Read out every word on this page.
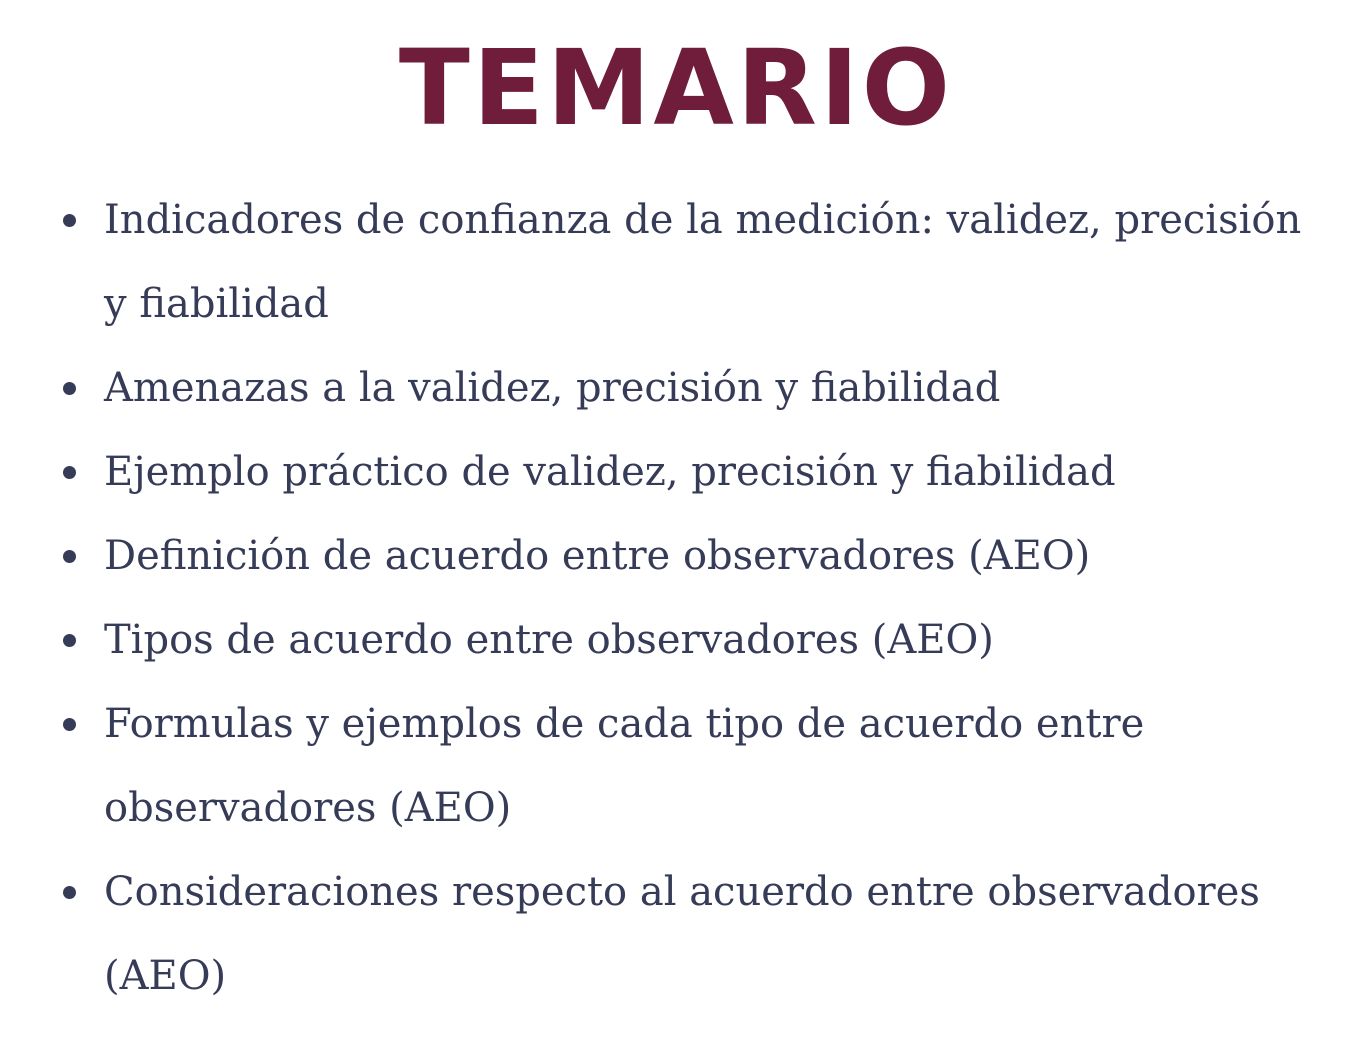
TEMARIO
Indicadores de confianza de la medición: validez, precisión y fiabilidad
Amenazas a la validez, precisión y fiabilidad
Ejemplo práctico de validez, precisión y fiabilidad
Definición de acuerdo entre observadores (AEO)
Tipos de acuerdo entre observadores (AEO)
Formulas y ejemplos de cada tipo de acuerdo entre observadores (AEO)
Consideraciones respecto al acuerdo entre observadores (AEO)
